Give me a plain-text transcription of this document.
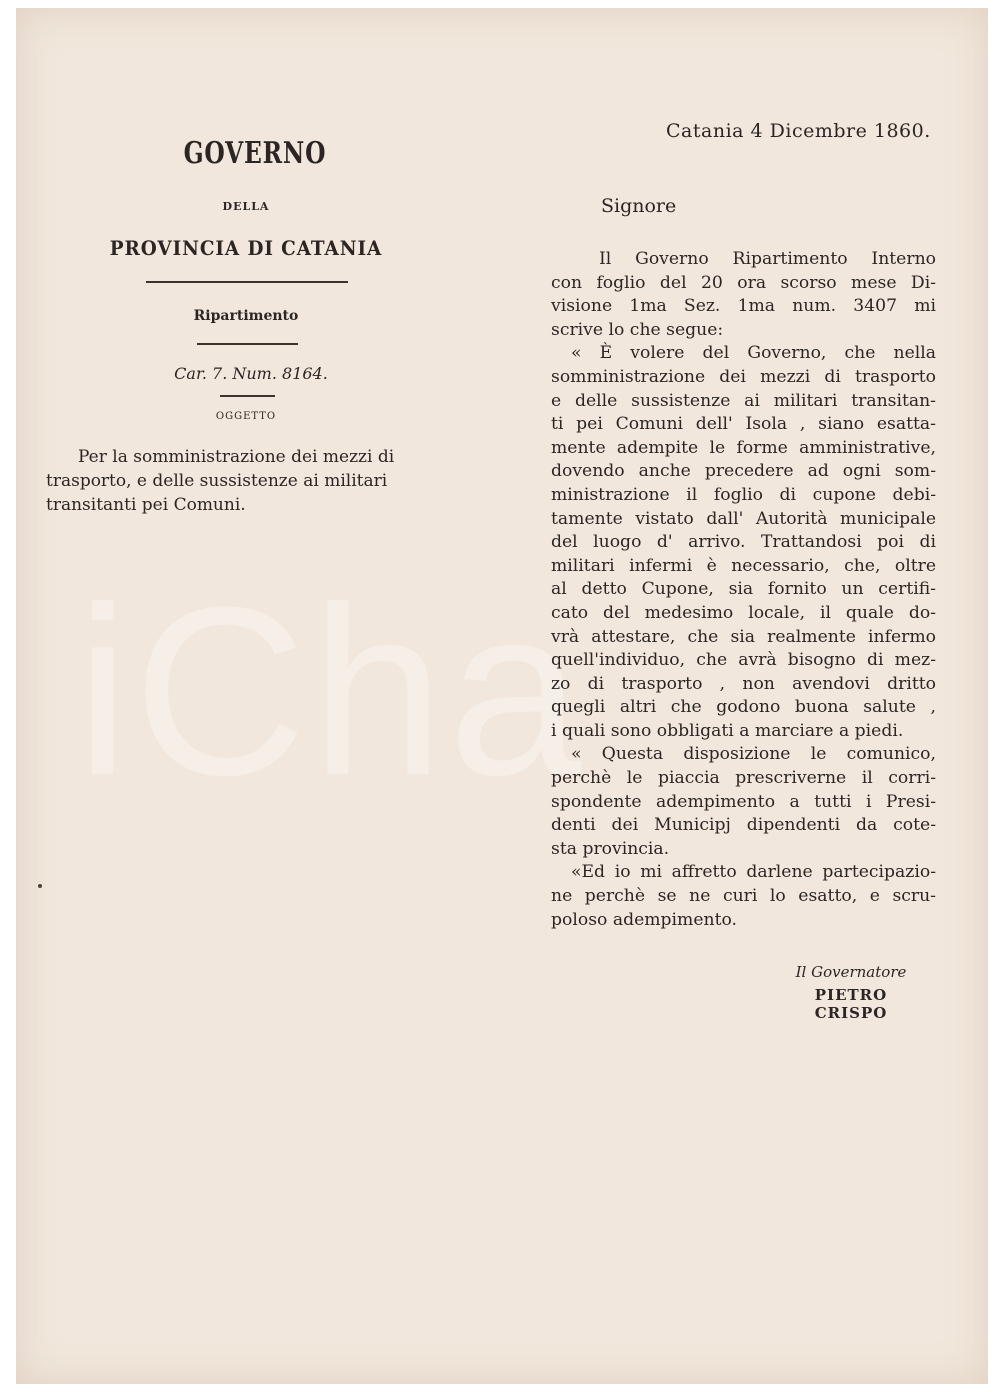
iCha
GOVERNO
DELLA
PROVINCIA DI CATANIA
Ripartimento
Car. 7. Num. 8164.
OGGETTO
Per la somministrazione dei mezzi di
trasporto, e delle sussistenze ai militari
transitanti pei Comuni.
Catania 4 Dicembre 1860.
Signore
Il Governo Ripartimento Interno
con foglio del 20 ora scorso mese Di-
visione 1ma Sez. 1ma num. 3407 mi
scrive lo che segue:
« È volere del Governo, che nella
somministrazione dei mezzi di trasporto
e delle sussistenze ai militari transitan-
ti pei Comuni dell' Isola , siano esatta-
mente adempite le forme amministrative,
dovendo anche precedere ad ogni som-
ministrazione il foglio di cupone debi-
tamente vistato dall' Autorità municipale
del luogo d' arrivo. Trattandosi poi di
militari infermi è necessario, che, oltre
al detto Cupone, sia fornito un certifi-
cato del medesimo locale, il quale do-
vrà attestare, che sia realmente infermo
quell'individuo, che avrà bisogno di mez-
zo di trasporto , non avendovi dritto
quegli altri che godono buona salute ,
i quali sono obbligati a marciare a piedi.
« Questa disposizione le comunico,
perchè le piaccia prescriverne il corri-
spondente adempimento a tutti i Presi-
denti dei Municipj dipendenti da cote-
sta provincia.
«Ed io mi affretto darlene partecipazio-
ne perchè se ne curi lo esatto, e scru-
poloso adempimento.
Il Governatore
PIETRO CRISPO
